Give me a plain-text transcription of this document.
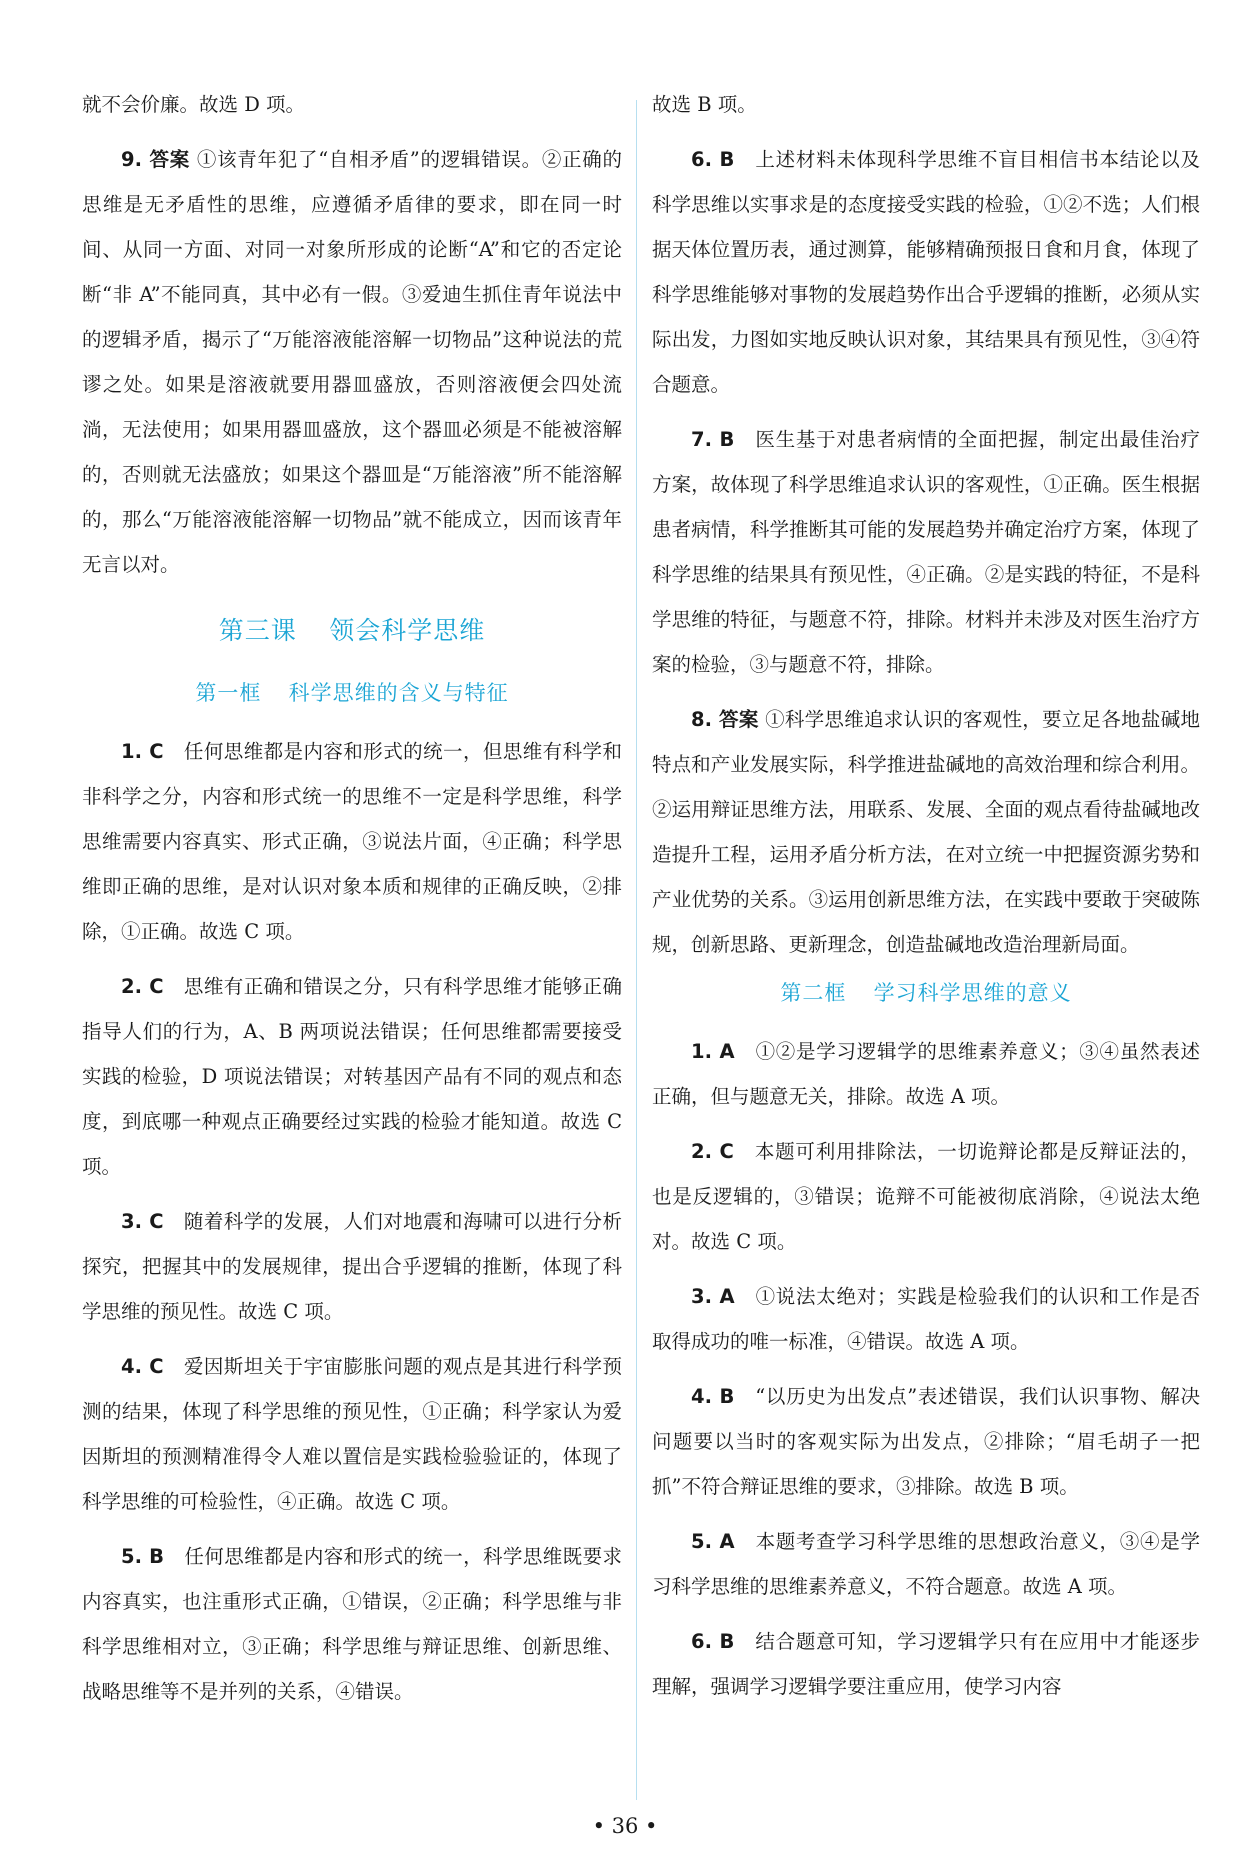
就不会价廉。故选 D 项。

9. 答案 ①该青年犯了“自相矛盾”的逻辑错误。②正确的思维是无矛盾性的思维，应遵循矛盾律的要求，即在同一时间、从同一方面、对同一对象所形成的论断“A”和它的否定论断“非 A”不能同真，其中必有一假。③爱迪生抓住青年说法中的逻辑矛盾，揭示了“万能溶液能溶解一切物品”这种说法的荒谬之处。如果是溶液就要用器皿盛放，否则溶液便会四处流淌，无法使用；如果用器皿盛放，这个器皿必须是不能被溶解的，否则就无法盛放；如果这个器皿是“万能溶液”所不能溶解的，那么“万能溶液能溶解一切物品”就不能成立，因而该青年无言以对。

第三课 领会科学思维
第一框 科学思维的含义与特征

1. C　 任何思维都是内容和形式的统一，但思维有科学和非科学之分，内容和形式统一的思维不一定是科学思维，科学思维需要内容真实、形式正确，③说法片面，④正确；科学思维即正确的思维，是对认识对象本质和规律的正确反映，②排除，①正确。故选 C 项。

2. C　 思维有正确和错误之分，只有科学思维才能够正确指导人们的行为，A、B 两项说法错误；任何思维都需要接受实践的检验，D 项说法错误；对转基因产品有不同的观点和态度，到底哪一种观点正确要经过实践的检验才能知道。故选 C 项。

3. C　 随着科学的发展，人们对地震和海啸可以进行分析探究，把握其中的发展规律，提出合乎逻辑的推断，体现了科学思维的预见性。故选 C 项。

4. C　 爱因斯坦关于宇宙膨胀问题的观点是其进行科学预测的结果，体现了科学思维的预见性，①正确；科学家认为爱因斯坦的预测精准得令人难以置信是实践检验验证的，体现了科学思维的可检验性，④正确。故选 C 项。

5. B　 任何思维都是内容和形式的统一，科学思维既要求内容真实，也注重形式正确，①错误，②正确；科学思维与非科学思维相对立，③正确；科学思维与辩证思维、创新思维、战略思维等不是并列的关系，④错误。

故选 B 项。

6. B　 上述材料未体现科学思维不盲目相信书本结论以及科学思维以实事求是的态度接受实践的检验，①②不选；人们根据天体位置历表，通过测算，能够精确预报日食和月食，体现了科学思维能够对事物的发展趋势作出合乎逻辑的推断，必须从实际出发，力图如实地反映认识对象，其结果具有预见性，③④符合题意。

7. B　 医生基于对患者病情的全面把握，制定出最佳治疗方案，故体现了科学思维追求认识的客观性，①正确。医生根据患者病情，科学推断其可能的发展趋势并确定治疗方案，体现了科学思维的结果具有预见性，④正确。②是实践的特征，不是科学思维的特征，与题意不符，排除。材料并未涉及对医生治疗方案的检验，③与题意不符，排除。

8. 答案 ①科学思维追求认识的客观性，要立足各地盐碱地特点和产业发展实际，科学推进盐碱地的高效治理和综合利用。②运用辩证思维方法，用联系、发展、全面的观点看待盐碱地改造提升工程，运用矛盾分析方法，在对立统一中把握资源劣势和产业优势的关系。③运用创新思维方法，在实践中要敢于突破陈规，创新思路、更新理念，创造盐碱地改造治理新局面。

第二框 学习科学思维的意义

1. A　 ①②是学习逻辑学的思维素养意义；③④虽然表述正确，但与题意无关，排除。故选 A 项。

2. C　 本题可利用排除法，一切诡辩论都是反辩证法的，也是反逻辑的，③错误；诡辩不可能被彻底消除，④说法太绝对。故选 C 项。

3. A　 ①说法太绝对；实践是检验我们的认识和工作是否取得成功的唯一标准，④错误。故选 A 项。

4. B　 “以历史为出发点”表述错误，我们认识事物、解决问题要以当时的客观实际为出发点，②排除；“眉毛胡子一把抓”不符合辩证思维的要求，③排除。故选 B 项。

5. A　 本题考查学习科学思维的思想政治意义，③④是学习科学思维的思维素养意义，不符合题意。故选 A 项。

6. B　 结合题意可知，学习逻辑学只有在应用中才能逐步理解，强调学习逻辑学要注重应用，使学习内容

• 36 •
